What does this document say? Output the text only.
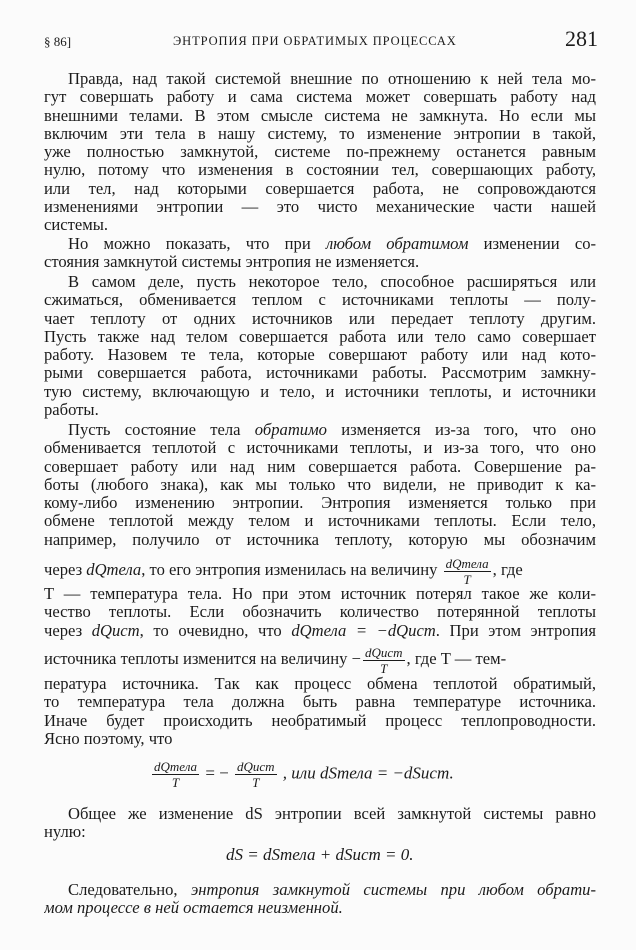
§ 86]	ЭНТРОПИЯ ПРИ ОБРАТИМЫХ ПРОЦЕССАХ	281
Правда, над такой системой внешние по отношению к ней тела мо-
гут совершать работу и сама система может совершать работу над
внешними телами. В этом смысле система не замкнута. Но если мы
включим эти тела в нашу систему, то изменение энтропии в такой,
уже полностью замкнутой, системе по-прежнему останется равным
нулю, потому что изменения в состоянии тел, совершающих работу,
или тел, над которыми совершается работа, не сопровождаются
изменениями энтропии — это чисто механические части нашей
системы.
Но можно показать, что при любом обратимом изменении со-
стояния замкнутой системы энтропия не изменяется.
В самом деле, пусть некоторое тело, способное расширяться или
сжиматься, обменивается теплом с источниками теплоты — полу-
чает теплоту от одних источников или передает теплоту другим.
Пусть также над телом совершается работа или тело само совершает
работу. Назовем те тела, которые совершают работу или над кото-
рыми совершается работа, источниками работы. Рассмотрим замкну-
тую систему, включающую и тело, и источники теплоты, и источники
работы.
Пусть состояние тела обратимо изменяется из-за того, что оно
обменивается теплотой с источниками теплоты, и из-за того, что оно
совершает работу или над ним совершается работа. Совершение ра-
боты (любого знака), как мы только что видели, не приводит к ка-
кому-либо изменению энтропии. Энтропия изменяется только при
обмене теплотой между телом и источниками теплоты. Если тело,
например, получило от источника теплоту, которую мы обозначим
через dQтела, то его энтропия изменилась на величину $\frac{\text{dQтела}}{T}$ , где
T — температура тела. Но при этом источник потерял такое же коли-
чество теплоты. Если обозначить количество потерянной теплоты
через dQист, то очевидно, что dQтела = −dQист. При этом энтропия
источника теплоты изменится на величину − $\frac{\text{dQист}}{T}$ , где T — тем-
пература источника. Так как процесс обмена теплотой обратимый,
то температура тела должна быть равна температуре источника.
Иначе будет происходить необратимый процесс теплопроводности.
Ясно поэтому, что
$\frac{\text{dQтела}}{T}$ = − $\frac{\text{dQист}}{T}$ , или dSтела = −dSист.
Общее же изменение dS энтропии всей замкнутой системы равно
нулю:
dS = dSтела + dSист = 0.
Следовательно, энтропия замкнутой системы при любом обрати-
мом процессе в ней остается неизменной.
